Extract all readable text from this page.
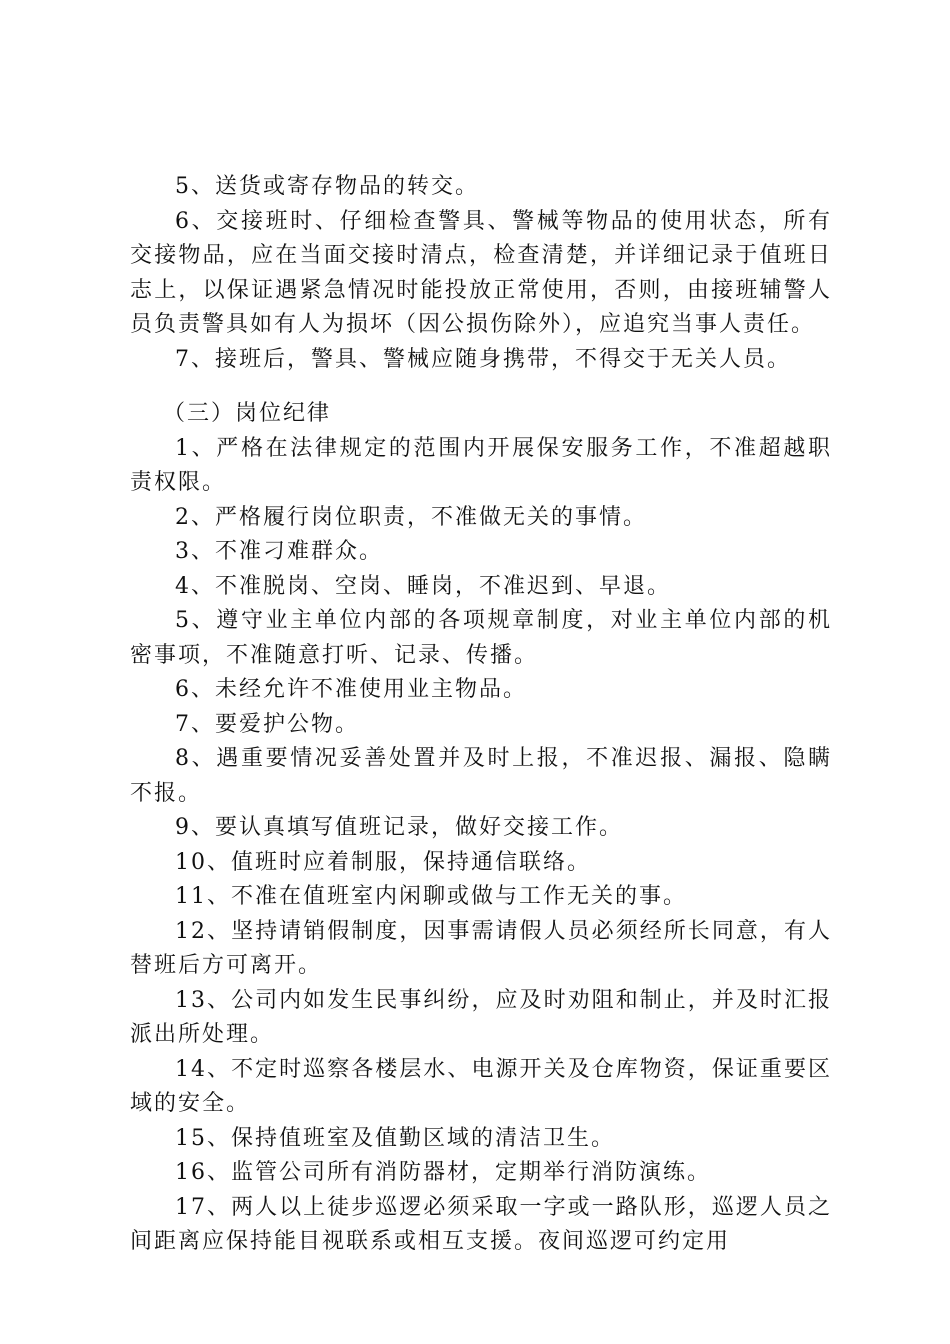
5、送货或寄存物品的转交。

6、交接班时、仔细检查警具、警械等物品的使用状态，所有交接物品，应在当面交接时清点，检查清楚，并详细记录于值班日志上，以保证遇紧急情况时能投放正常使用，否则，由接班辅警人员负责警具如有人为损坏（因公损伤除外），应追究当事人责任。

7、接班后，警具、警械应随身携带，不得交于无关人员。

（三）岗位纪律

1、严格在法律规定的范围内开展保安服务工作，不准超越职责权限。

2、严格履行岗位职责，不准做无关的事情。

3、不准刁难群众。

4、不准脱岗、空岗、睡岗，不准迟到、早退。

5、遵守业主单位内部的各项规章制度，对业主单位内部的机密事项，不准随意打听、记录、传播。

6、未经允许不准使用业主物品。

7、要爱护公物。

8、遇重要情况妥善处置并及时上报，不准迟报、漏报、隐瞒不报。

9、要认真填写值班记录，做好交接工作。

10、值班时应着制服，保持通信联络。

11、不准在值班室内闲聊或做与工作无关的事。

12、坚持请销假制度，因事需请假人员必须经所长同意，有人替班后方可离开。

13、公司内如发生民事纠纷，应及时劝阻和制止，并及时汇报派出所处理。

14、不定时巡察各楼层水、电源开关及仓库物资，保证重要区域的安全。

15、保持值班室及值勤区域的清洁卫生。

16、监管公司所有消防器材，定期举行消防演练。

17、两人以上徒步巡逻必须采取一字或一路队形，巡逻人员之间距离应保持能目视联系或相互支援。夜间巡逻可约定用
